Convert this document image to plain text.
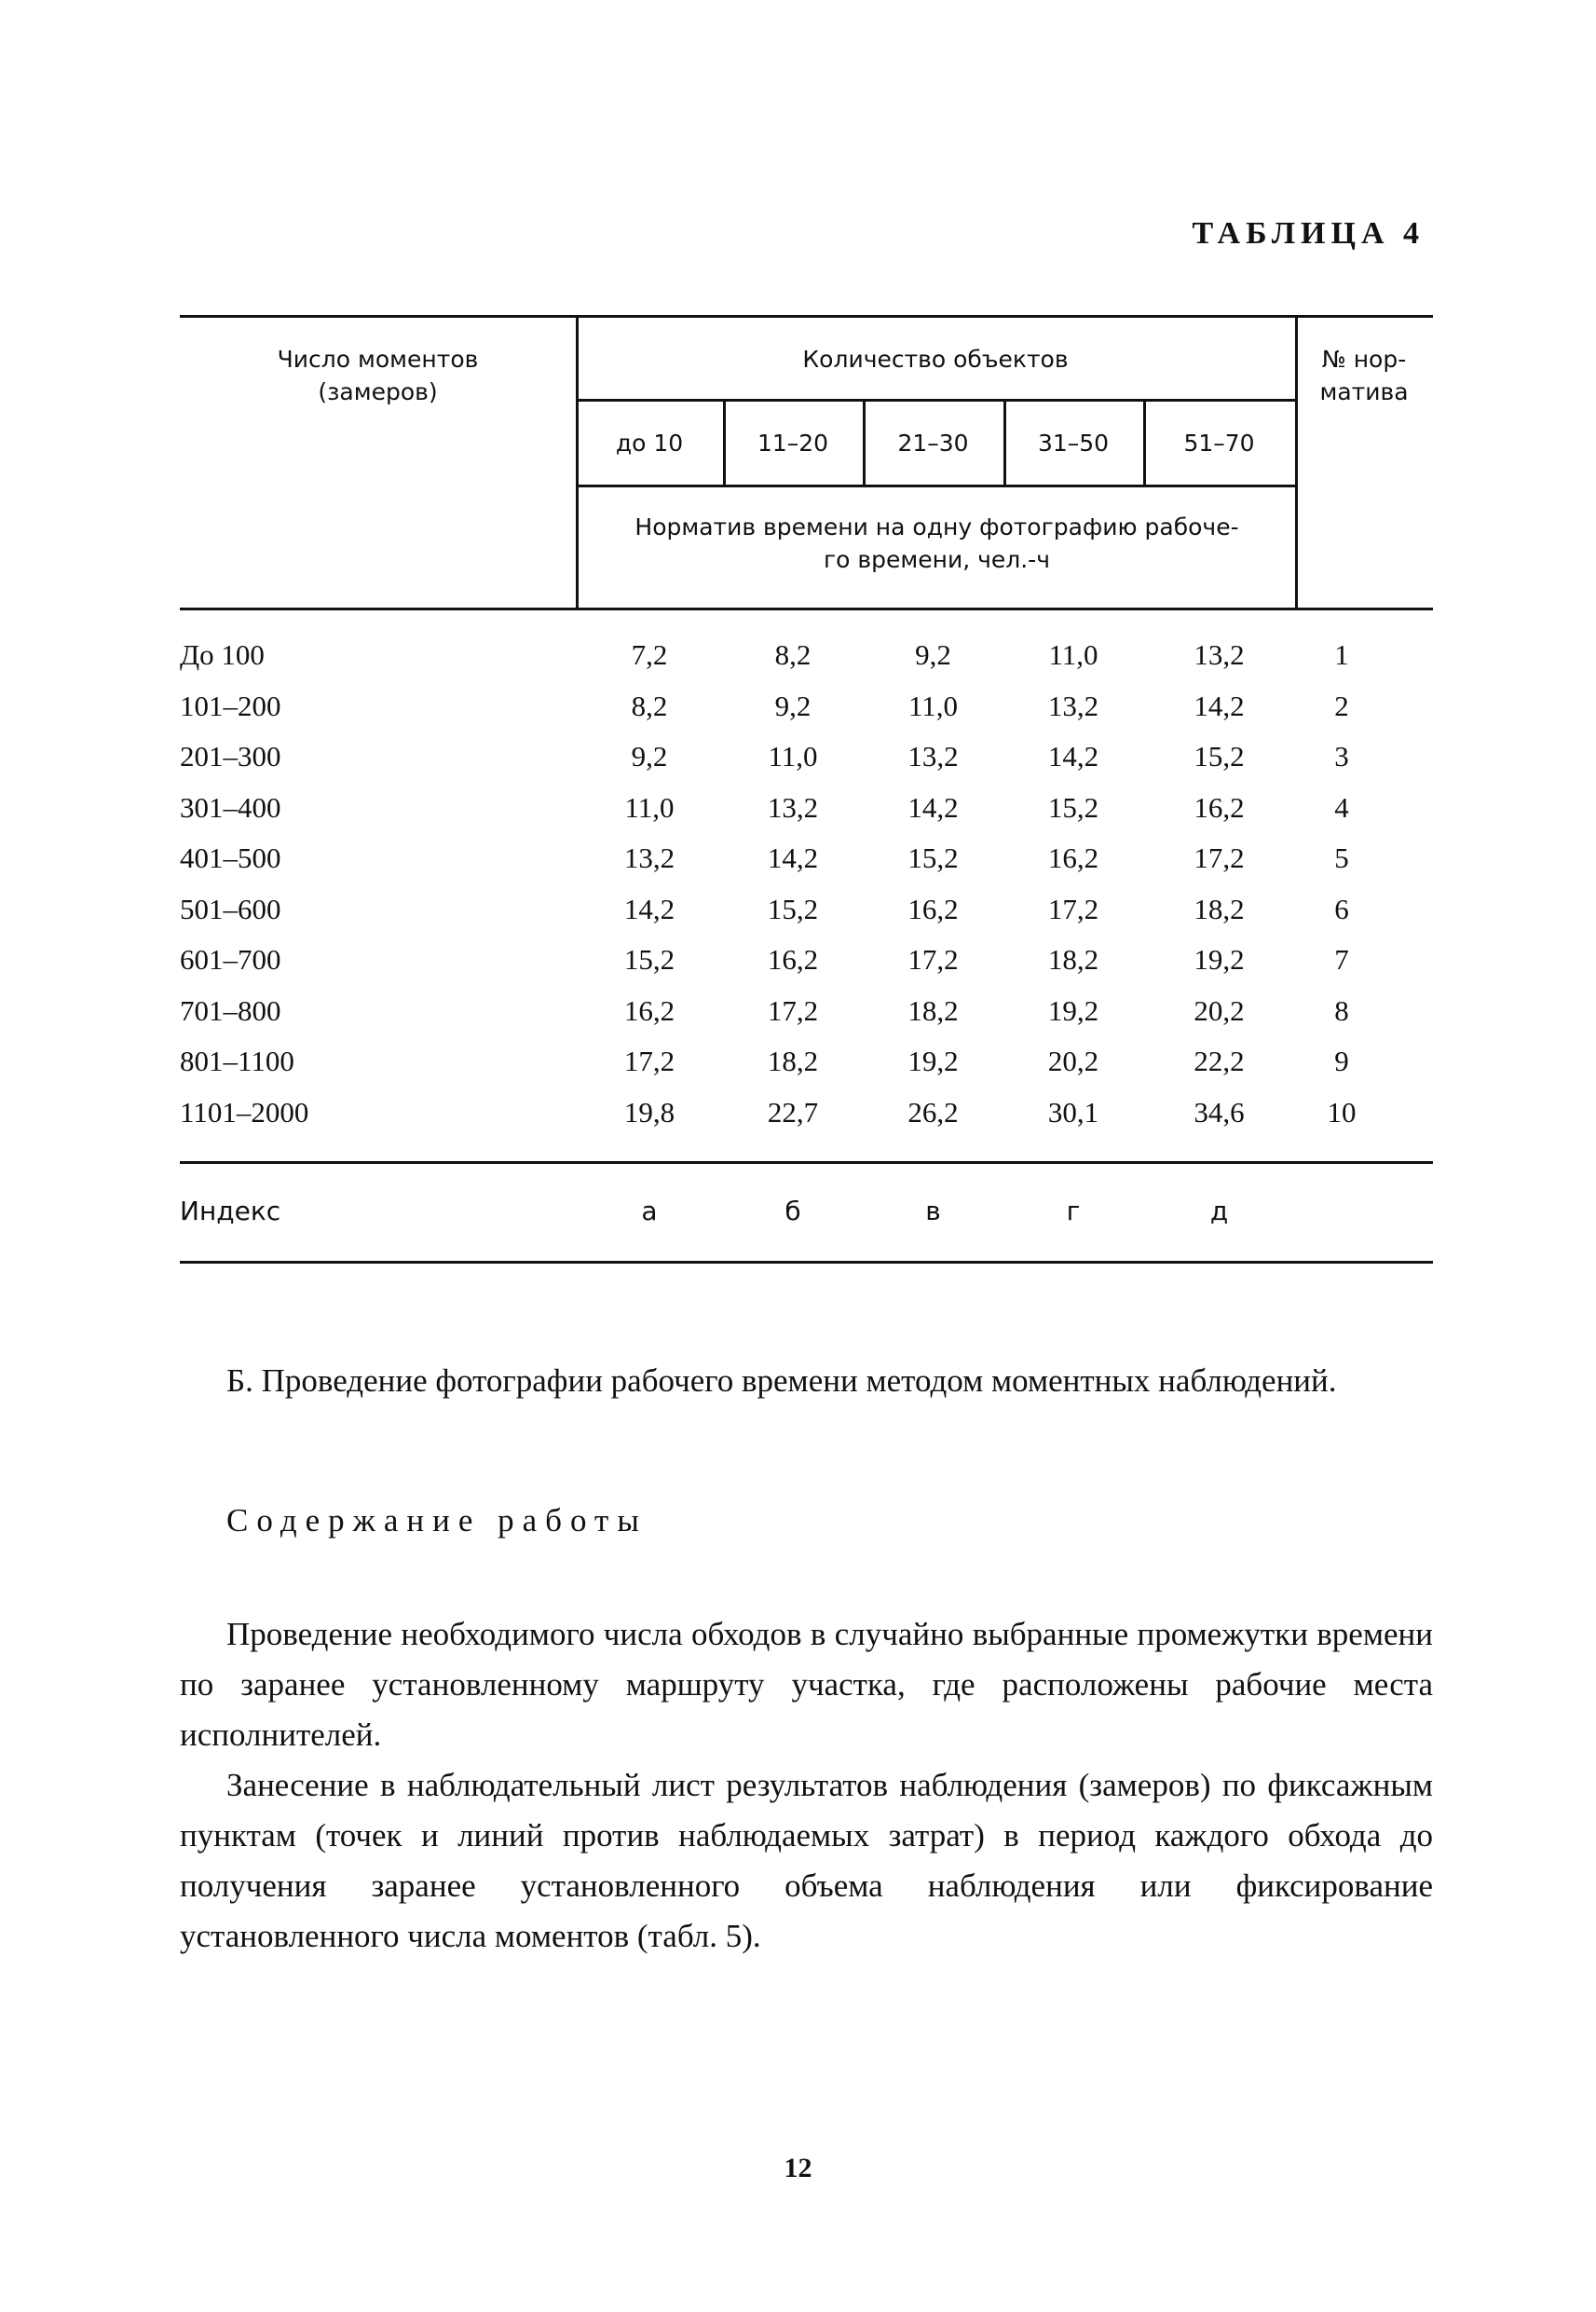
ТАБЛИЦА 4
Число моментов
(замеров)
Количество объектов	№ нор-
матива
до 10	11–20	21–30	31–50	51–70
Норматив времени на одну фотографию рабоче-
го времени, чел.-ч
До 100	7,2	8,2	9,2	11,0	13,2	1
101–200	8,2	9,2	11,0	13,2	14,2	2
201–300	9,2	11,0	13,2	14,2	15,2	3
301–400	11,0	13,2	14,2	15,2	16,2	4
401–500	13,2	14,2	15,2	16,2	17,2	5
501–600	14,2	15,2	16,2	17,2	18,2	6
601–700	15,2	16,2	17,2	18,2	19,2	7
701–800	16,2	17,2	18,2	19,2	20,2	8
801–1100	17,2	18,2	19,2	20,2	22,2	9
1101–2000	19,8	22,7	26,2	30,1	34,6	10
Индекс	а	б	в	г	д
Б. Проведение фотографии рабочего времени методом моментных наблюдений.
Содержание работы
Проведение необходимого числа обходов в случайно выбранные промежутки времени по заранее установленному маршруту участка, где расположены рабочие места исполнителей.
Занесение в наблюдательный лист результатов наблюдения (замеров) по фиксажным пунктам (точек и линий против наблюдаемых затрат) в период каждого обхода до получения заранее установленного объема наблюдения или фиксирование установленного числа моментов (табл. 5).
12
